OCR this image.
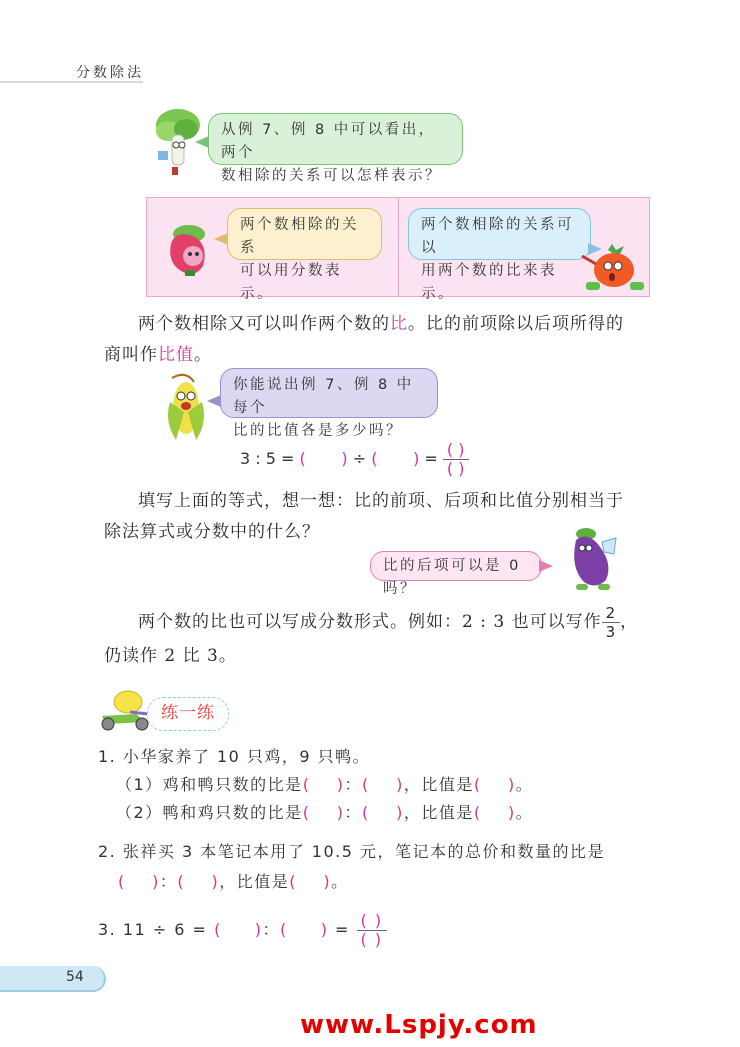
分数除法
从例 7、例 8 中可以看出，两个
数相除的关系可以怎样表示？
两个数相除的关系
可以用分数表示。
两个数相除的关系可以
用两个数的比来表示。
两个数相除又可以叫作两个数的比。比的前项除以后项所得的
商叫作比值。
你能说出例 7、例 8 中每个
比的比值各是多少吗？
3 : 5 = ( ) ÷ ( ) = $\frac{( )}{( )}$
填写上面的等式，想一想：比的前项、后项和比值分别相当于
除法算式或分数中的什么？
比的后项可以是 0 吗？
两个数的比也可以写成分数形式。例如：2 : 3 也可以写作 $\frac{2}{3}$ ，
仍读作 2 比 3。
练一练
1. 小华家养了 10 只鸡，9 只鸭。
（1）鸡和鸭只数的比是( )：( )，比值是( )。
（2）鸭和鸡只数的比是( )：( )，比值是( )。
2. 张祥买 3 本笔记本用了 10.5 元，笔记本的总价和数量的比是
( )：( )，比值是( )。
3. 11 ÷ 6 = ( )：( ) = $\frac{( )}{( )}$
54
www.Lspjy.com
